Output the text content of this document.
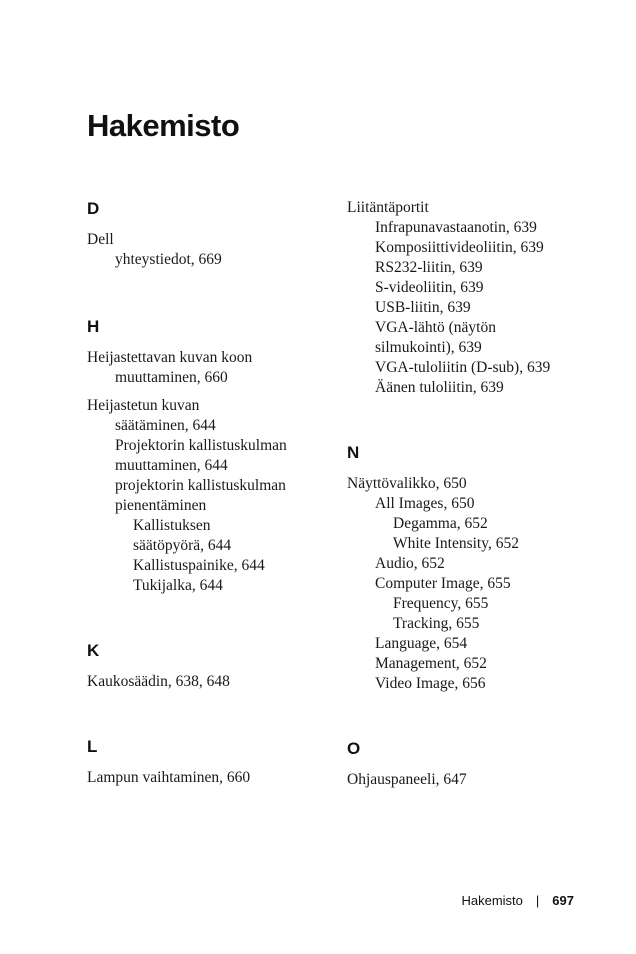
Hakemisto
D
Dell
yhteystiedot, 669
H
Heijastettavan kuvan koon
muuttaminen, 660
Heijastetun kuvan
säätäminen, 644
Projektorin kallistuskulman
muuttaminen, 644
projektorin kallistuskulman
pienentäminen
Kallistuksen
säätöpyörä, 644
Kallistuspainike, 644
Tukijalka, 644
K
Kaukosäädin, 638, 648
L
Lampun vaihtaminen, 660
Liitäntäportit
Infrapunavastaanotin, 639
Komposiittivideoliitin, 639
RS232-liitin, 639
S-videoliitin, 639
USB-liitin, 639
VGA-lähtö (näytön
silmukointi), 639
VGA-tuloliitin (D-sub), 639
Äänen tuloliitin, 639
N
Näyttövalikko, 650
All Images, 650
Degamma, 652
White Intensity, 652
Audio, 652
Computer Image, 655
Frequency, 655
Tracking, 655
Language, 654
Management, 652
Video Image, 656
O
Ohjauspaneeli, 647
Hakemisto | 697
